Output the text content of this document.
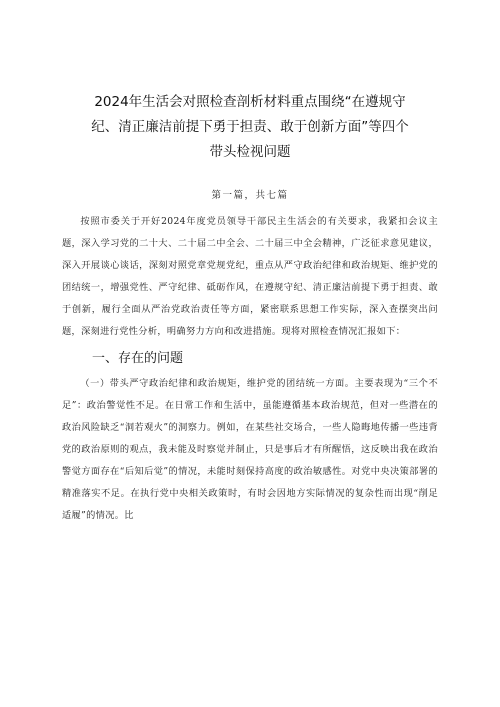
2024年生活会对照检查剖析材料重点围绕“在遵规守
纪、清正廉洁前提下勇于担责、敢于创新方面”等四个
带头检视问题
第一篇，共七篇

按照市委关于开好2024年度党员领导干部民主生活会的有关要求，我紧扣会议主题，深入学习党的二十大、二十届二中全会、二十届三中全会精神，广泛征求意见建议，深入开展谈心谈话，深刻对照党章党规党纪，重点从严守政治纪律和政治规矩、维护党的团结统一，增强党性、严守纪律、砥砺作风，在遵规守纪、清正廉洁前提下勇于担责、敢于创新，履行全面从严治党政治责任等方面，紧密联系思想工作实际，深入查摆突出问题，深刻进行党性分析，明确努力方向和改进措施。现将对照检查情况汇报如下：

一、存在的问题

（一）带头严守政治纪律和政治规矩，维护党的团结统一方面。主要表现为“三个不足”：政治警觉性不足。在日常工作和生活中，虽能遵循基本政治规范，但对一些潜在的政治风险缺乏“洞若观火”的洞察力。例如，在某些社交场合，一些人隐晦地传播一些违背党的政治原则的观点，我未能及时察觉并制止，只是事后才有所醒悟，这反映出我在政治警觉方面存在“后知后觉”的情况，未能时刻保持高度的政治敏感性。对党中央决策部署的精准落实不足。在执行党中央相关政策时，有时会因地方实际情况的复杂性而出现“削足适履”的情况。比
